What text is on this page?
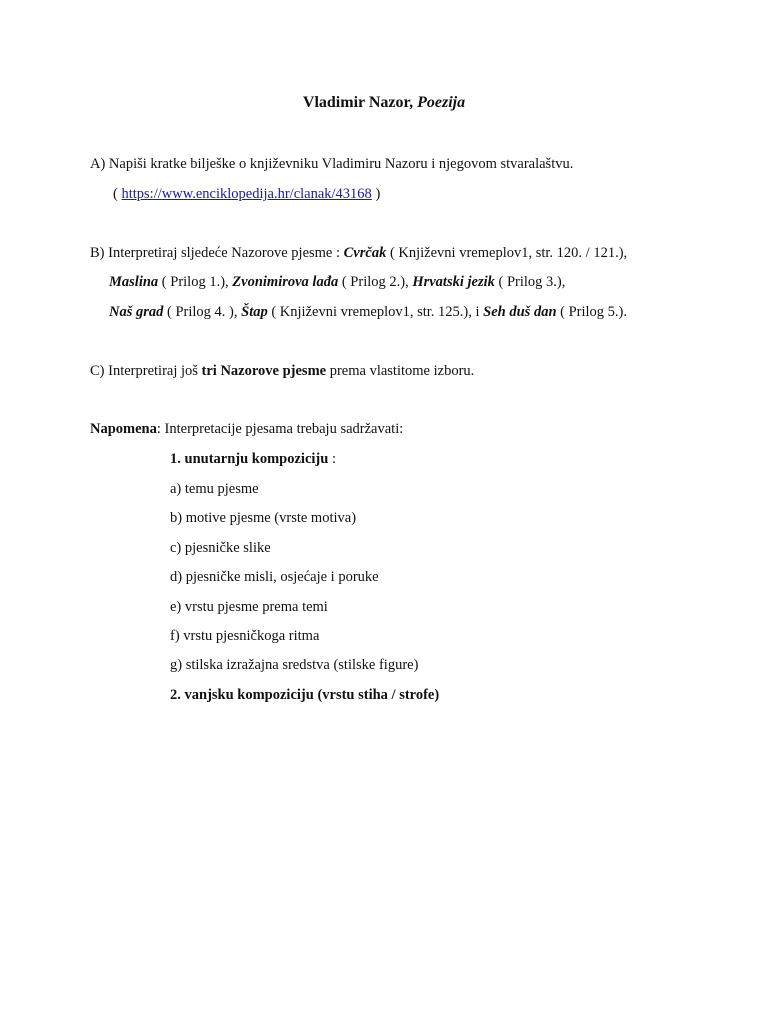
Vladimir Nazor, Poezija
A) Napiši kratke bilješke o književniku Vladimiru Nazoru i njegovom stvaralaštvu.
( https://www.enciklopedija.hr/clanak/43168 )
B) Interpretiraj sljedeće Nazorove pjesme : Cvrčak ( Književni vremeplov1, str. 120. / 121.),
Maslina ( Prilog 1.), Zvonimirova lađa ( Prilog 2.), Hrvatski jezik ( Prilog 3.),
Naš grad ( Prilog 4. ), Štap ( Književni vremeplov1, str. 125.), i Seh duš dan ( Prilog 5.).
C) Interpretiraj još tri Nazorove pjesme prema vlastitome izboru.
Napomena: Interpretacije pjesama trebaju sadržavati:
1. unutarnju kompoziciju :
a) temu pjesme
b) motive pjesme (vrste motiva)
c) pjesničke slike
d) pjesničke misli, osjećaje i poruke
e) vrstu pjesme prema temi
f) vrstu pjesničkoga ritma
g) stilska izražajna sredstva (stilske figure)
2. vanjsku kompoziciju (vrstu stiha / strofe)
